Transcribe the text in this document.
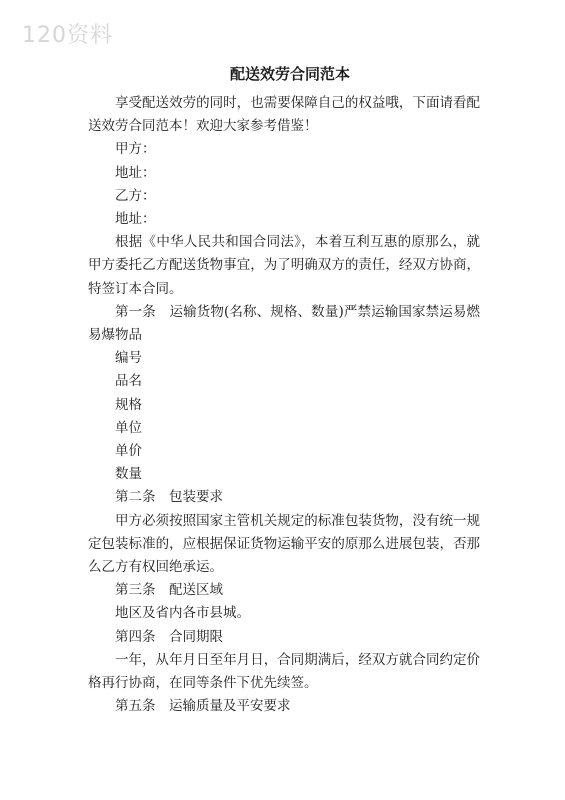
120资料
配送效劳合同范本

享受配送效劳的同时，也需要保障自己的权益哦，下面请看配送效劳合同范本！欢迎大家参考借鉴！

甲方：

地址：

乙方：

地址：

根据《中华人民共和国合同法》，本着互利互惠的原那么，就甲方委托乙方配送货物事宜，为了明确双方的责任，经双方协商，特签订本合同。

第一条　运输货物(名称、规格、数量)严禁运输国家禁运易燃易爆物品

编号

品名

规格

单位

单价

数量

第二条　包装要求

甲方必须按照国家主管机关规定的标准包装货物，没有统一规定包装标准的，应根据保证货物运输平安的原那么进展包装，否那么乙方有权回绝承运。

第三条　配送区域

地区及省内各市县城。

第四条　合同期限

一年，从年月日至年月日，合同期满后，经双方就合同约定价格再行协商，在同等条件下优先续签。

第五条　运输质量及平安要求
